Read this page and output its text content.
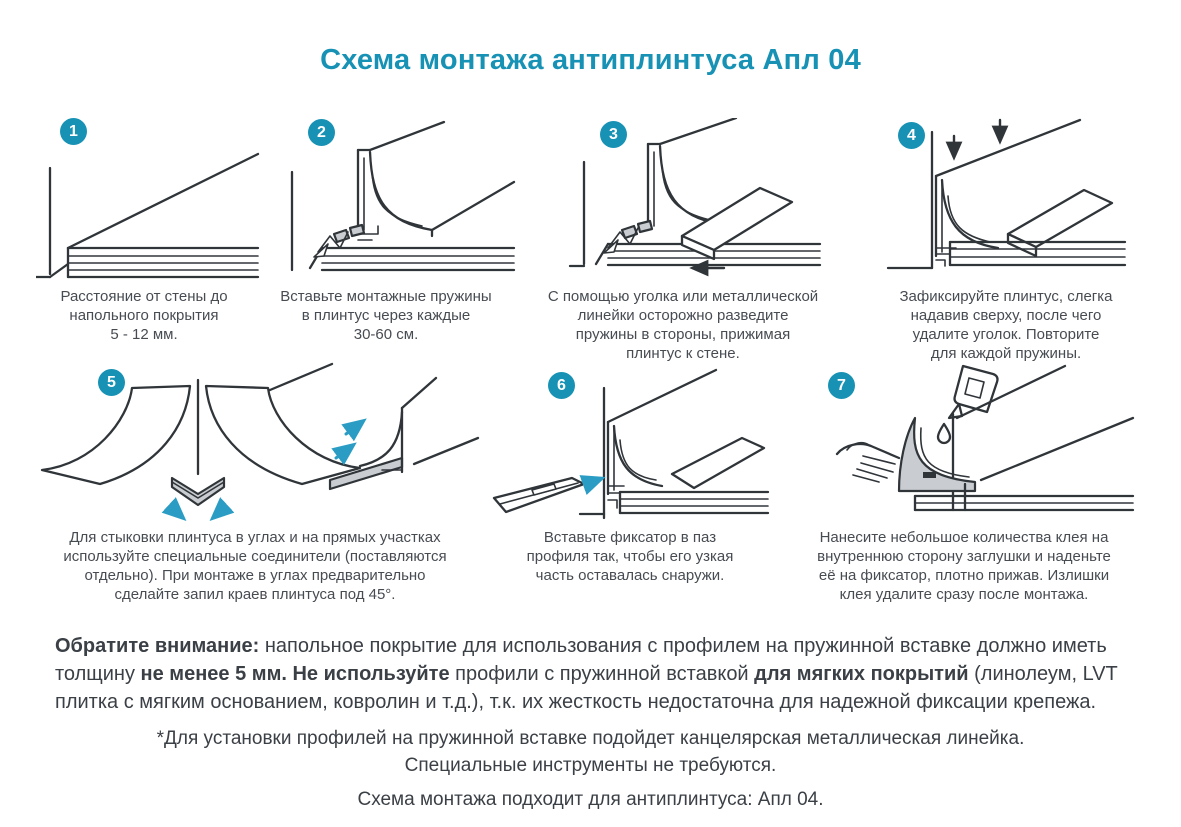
Схема монтажа антиплинтуса Апл 04
1
Расстояние от стены до
напольного покрытия
5 - 12 мм.
2
Вставьте монтажные пружины
в плинтус через каждые
30-60 см.
3
С помощью уголка или металлической
линейки осторожно разведите
пружины в стороны, прижимая
плинтус к стене.
4
Зафиксируйте плинтус, слегка
надавив сверху, после чего
удалите уголок. Повторите
для каждой пружины.
5
Для стыковки плинтуса в углах и на прямых участках
используйте специальные соединители (поставляются
отдельно). При монтаже в углах предварительно
сделайте запил краев плинтуса под 45°.
6
Вставьте фиксатор в паз
профиля так, чтобы его узкая
часть оставалась снаружи.
7
Нанесите небольшое количества клея на
внутреннюю сторону заглушки и наденьте
её на фиксатор, плотно прижав. Излишки
клея удалите сразу после монтажа.
Обратите внимание: напольное покрытие для использования с профилем на пружинной вставке должно иметь толщину не менее 5 мм. Не используйте профили с пружинной вставкой для мягких покрытий (линолеум, LVT плитка с мягким основанием, ковролин и т.д.), т.к. их жесткость недостаточна для надежной фиксации крепежа.
*Для установки профилей на пружинной вставке подойдет канцелярская металлическая линейка.
Специальные инструменты не требуются.
Схема монтажа подходит для антиплинтуса: Апл 04.
